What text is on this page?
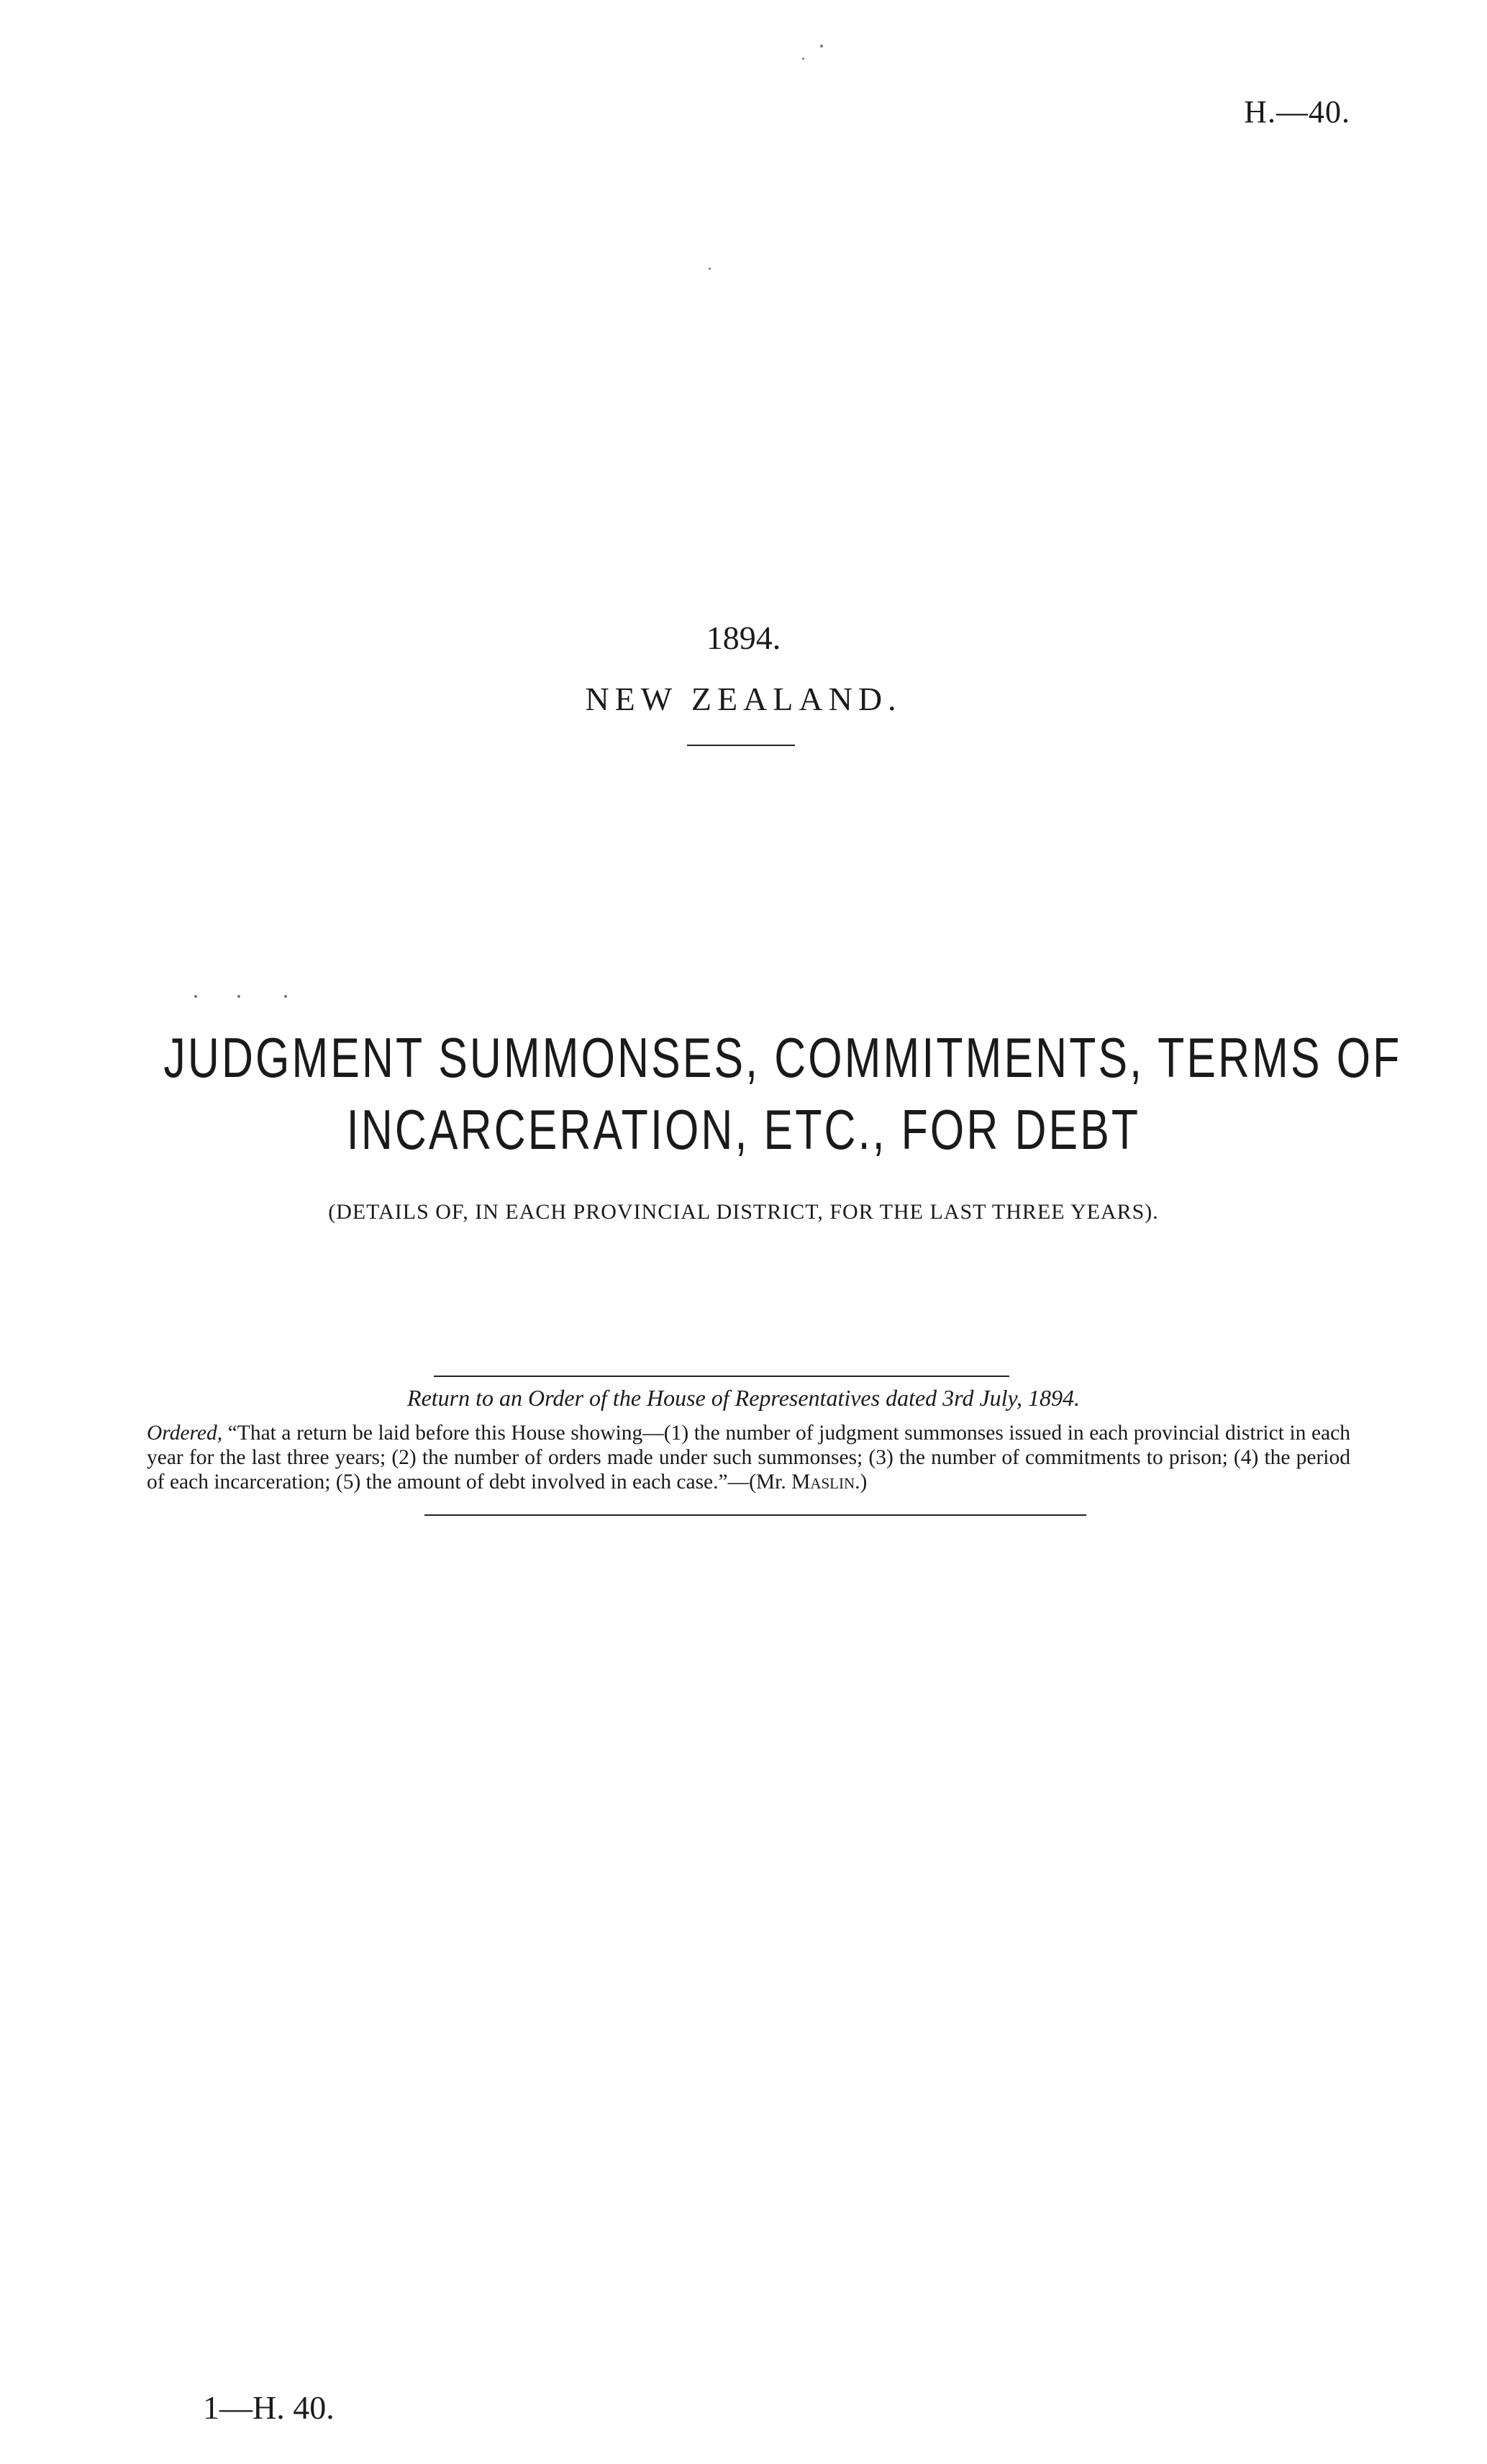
H.—40.
1894.
NEW ZEALAND.
JUDGMENT SUMMONSES, COMMITMENTS, TERMS OF
INCARCERATION, ETC., FOR DEBT
(DETAILS OF, IN EACH PROVINCIAL DISTRICT, FOR THE LAST THREE YEARS).
Return to an Order of the House of Representatives dated 3rd July, 1894.
Ordered, “That a return be laid before this House showing—(1) the number of judgment summonses issued in each provincial district in each year for the last three years; (2) the number of orders made under such summonses; (3) the number of commitments to prison; (4) the period of each incarceration; (5) the amount of debt involved in each case.”—(Mr. Maslin.)
1—H. 40.
